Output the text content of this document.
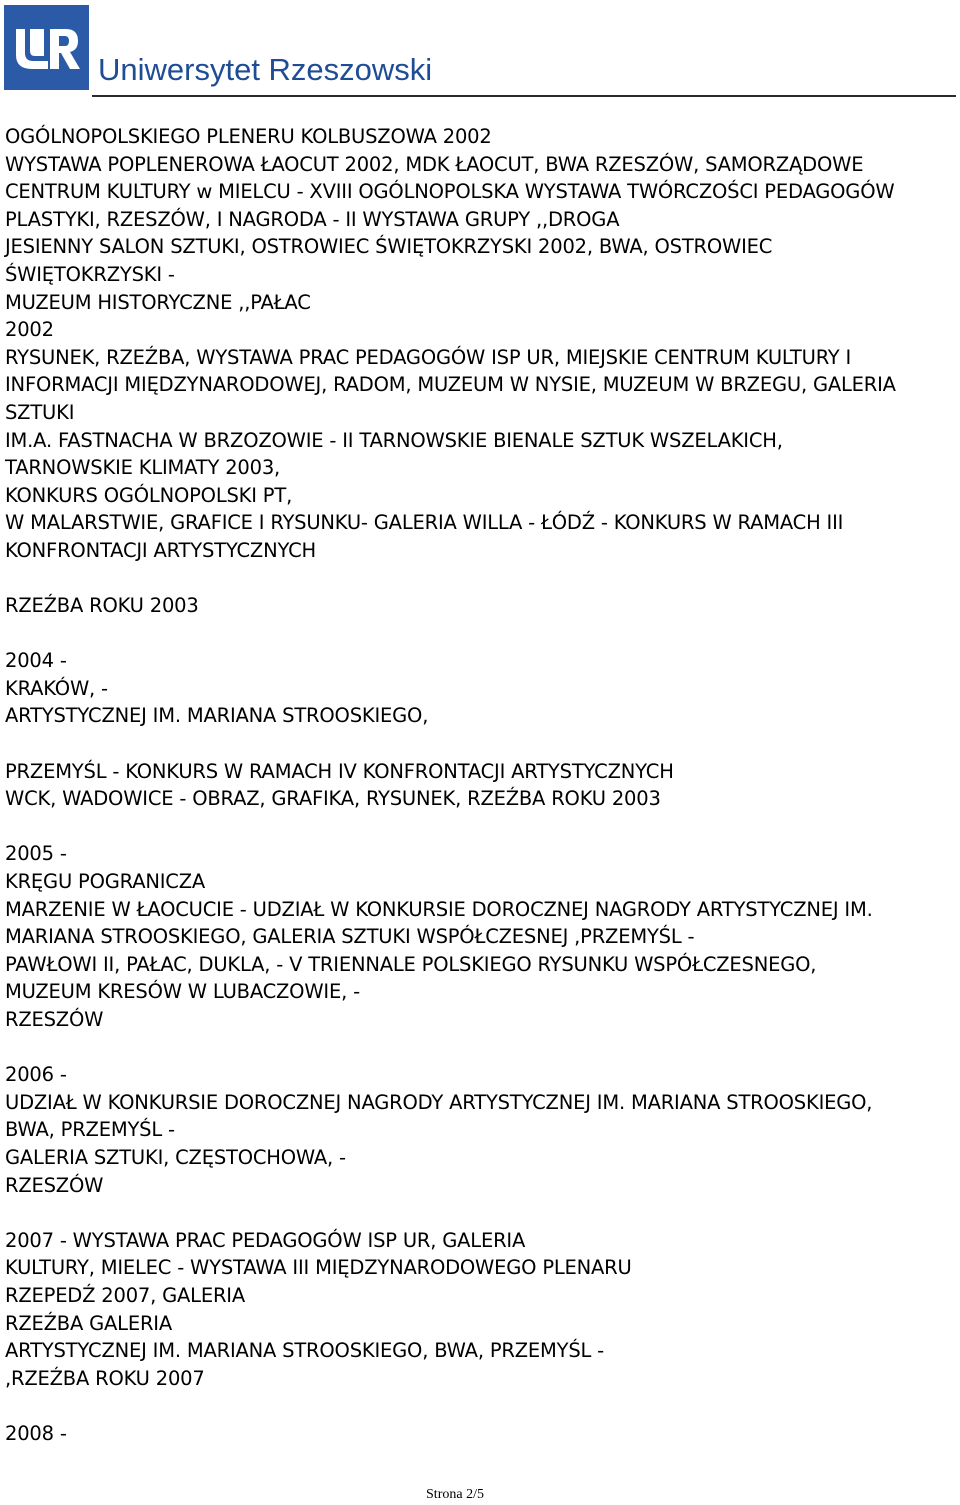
Uniwersytet Rzeszowski
OGÓLNOPOLSKIEGO PLENERU KOLBUSZOWA 2002
WYSTAWA POPLENEROWA ŁAOCUT 2002, MDK ŁAOCUT, BWA RZESZÓW, SAMORZĄDOWE
CENTRUM KULTURY w MIELCU - XVIII OGÓLNOPOLSKA WYSTAWA TWÓRCZOŚCI PEDAGOGÓW
PLASTYKI, RZESZÓW, I NAGRODA - II WYSTAWA GRUPY ,,DROGA
JESIENNY SALON SZTUKI, OSTROWIEC ŚWIĘTOKRZYSKI 2002, BWA, OSTROWIEC
ŚWIĘTOKRZYSKI -
MUZEUM HISTORYCZNE ,,PAŁAC
2002
RYSUNEK, RZEŹBA, WYSTAWA PRAC PEDAGOGÓW ISP UR, MIEJSKIE CENTRUM KULTURY I
INFORMACJI MIĘDZYNARODOWEJ, RADOM, MUZEUM W NYSIE, MUZEUM W BRZEGU, GALERIA
SZTUKI
IM.A. FASTNACHA W BRZOZOWIE - II TARNOWSKIE BIENALE SZTUK WSZELAKICH,
TARNOWSKIE KLIMATY 2003,
KONKURS OGÓLNOPOLSKI PT,
W MALARSTWIE, GRAFICE I RYSUNKU- GALERIA WILLA - ŁÓDŹ - KONKURS W RAMACH III
KONFRONTACJI ARTYSTYCZNYCH
RZEŹBA ROKU 2003
2004 -
KRAKÓW, -
ARTYSTYCZNEJ IM. MARIANA STROOSKIEGO,
PRZEMYŚL - KONKURS W RAMACH IV KONFRONTACJI ARTYSTYCZNYCH
WCK, WADOWICE - OBRAZ, GRAFIKA, RYSUNEK, RZEŹBA ROKU 2003
2005 -
KRĘGU POGRANICZA
MARZENIE W ŁAOCUCIE - UDZIAŁ W KONKURSIE DOROCZNEJ NAGRODY ARTYSTYCZNEJ IM.
MARIANA STROOSKIEGO, GALERIA SZTUKI WSPÓŁCZESNEJ ,PRZEMYŚL -
PAWŁOWI II, PAŁAC, DUKLA, - V TRIENNALE POLSKIEGO RYSUNKU WSPÓŁCZESNEGO,
MUZEUM KRESÓW W LUBACZOWIE, -
RZESZÓW
2006 -
UDZIAŁ W KONKURSIE DOROCZNEJ NAGRODY ARTYSTYCZNEJ IM. MARIANA STROOSKIEGO,
BWA, PRZEMYŚL -
GALERIA SZTUKI, CZĘSTOCHOWA, -
RZESZÓW
2007 - WYSTAWA PRAC PEDAGOGÓW ISP UR, GALERIA
KULTURY, MIELEC - WYSTAWA III MIĘDZYNARODOWEGO PLENARU
RZEPEDŹ 2007, GALERIA
RZEŹBA GALERIA
ARTYSTYCZNEJ IM. MARIANA STROOSKIEGO, BWA, PRZEMYŚL -
,RZEŹBA ROKU 2007
2008 -
Strona 2/5
